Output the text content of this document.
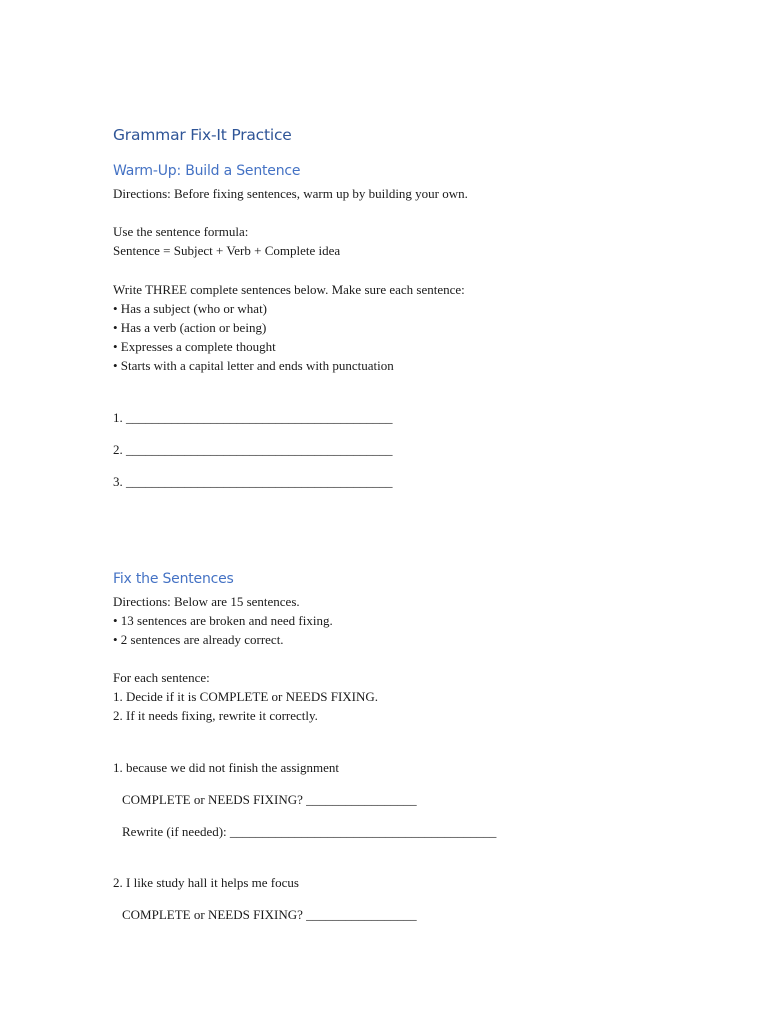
Grammar Fix-It Practice
Warm-Up: Build a Sentence
Directions: Before fixing sentences, warm up by building your own.
Use the sentence formula:
Sentence = Subject + Verb + Complete idea
Write THREE complete sentences below. Make sure each sentence:
• Has a subject (who or what)
• Has a verb (action or being)
• Expresses a complete thought
• Starts with a capital letter and ends with punctuation
1. _________________________________________
2. _________________________________________
3. _________________________________________
Fix the Sentences
Directions: Below are 15 sentences.
• 13 sentences are broken and need fixing.
• 2 sentences are already correct.
For each sentence:
1. Decide if it is COMPLETE or NEEDS FIXING.
2. If it needs fixing, rewrite it correctly.
1. because we did not finish the assignment
COMPLETE or NEEDS FIXING? _________________
Rewrite (if needed): _________________________________________
2. I like study hall it helps me focus
COMPLETE or NEEDS FIXING? _________________
